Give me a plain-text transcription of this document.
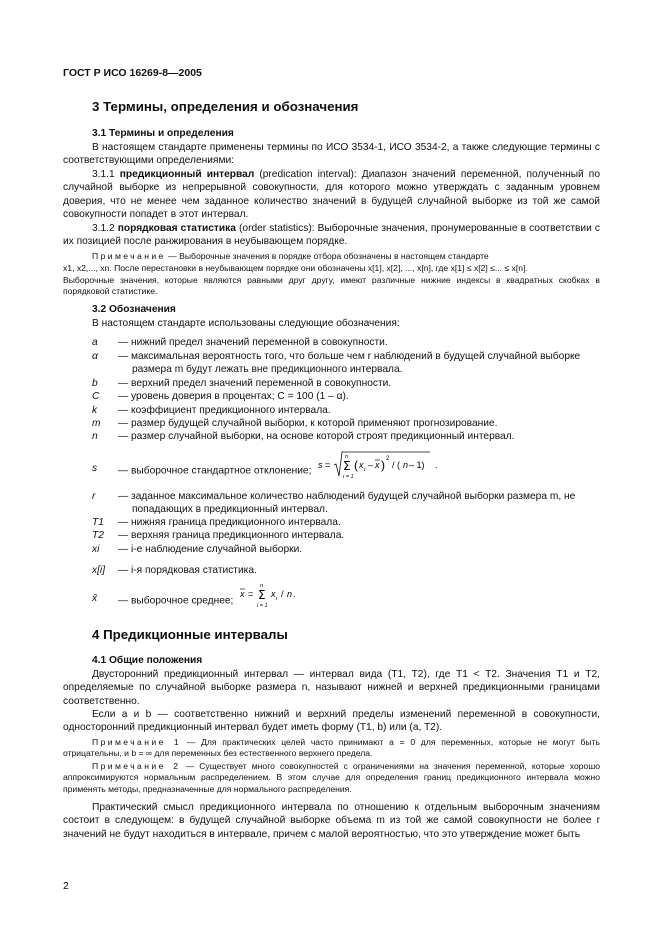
ГОСТ Р ИСО 16269-8—2005
3 Термины, определения и обозначения
3.1 Термины и определения

В настоящем стандарте применены термины по ИСО 3534-1, ИСО 3534-2, а также следующие термины с соответствующими определениями:

3.1.1 предикционный интервал (predication interval): Диапазон значений переменной, полученный по случайной выборке из непрерывной совокупности, для которого можно утверждать с заданным уровнем доверия, что не менее чем заданное количество значений в будущей случайной выборке из той же самой совокупности попадет в этот интервал.

3.1.2 порядковая статистика (order statistics): Выборочные значения, пронумерованные в соответствии с их позицией после ранжирования в неубывающем порядке.

Примечание — Выборочные значения в порядке отбора обозначены в настоящем стандарте
x1, x2,..., xn. После перестановки в неубывающем порядке они обозначены x[1], x[2], ..., x[n], где x[1] ≤ x[2] ≤... ≤ x[n].
Выборочные значения, которые являются равными друг другу, имеют различные нижние индексы в квадратных скобках в порядковой статистике.
3.2 Обозначения

В настоящем стандарте использованы следующие обозначения:

a — нижний предел значений переменной в совокупности.

α — максимальная вероятность того, что больше чем r наблюдений в будущей случайной выборке размера m будут лежать вне предикционного интервала.

b — верхний предел значений переменной в совокупности.

C — уровень доверия в процентах; C = 100 (1 – α).

k — коэффициент предикционного интервала.

m — размер будущей случайной выборки, к которой применяют прогнозирование.

n — размер случайной выборки, на основе которой строят предикционный интервал.

s — выборочное стандартное отклонение;
s =
n
Σ
i = 1
( x i – x ) 2
/ ( n – 1) .

r — заданное максимальное количество наблюдений будущей случайной выборки размера m, не попадающих в предикционный интервал.

T1 — нижняя граница предикционного интервала.

T2 — верхняя граница предикционного интервала.

xi — i-е наблюдение случайной выборки.

x[i] — i-я порядковая статистика.

x̄ — выборочное среднее;
x =
n
Σ
i = 1
x i / n .

4 Предикционные интервалы
4.1 Общие положения

Двусторонний предикционный интервал — интервал вида (T1, T2), где T1 < T2. Значения T1 и T2, определяемые по случайной выборке размера n, называют нижней и верхней предикционными границами соответственно.

Если a и b — соответственно нижний и верхний пределы изменений переменной в совокупности, односторонний предикционный интервал будет иметь форму (T1, b) или (a, T2).

Примечание 1 — Для практических целей часто принимают a = 0 для переменных, которые не могут быть отрицательны, и b = ∞ для переменных без естественного верхнего предела.
Примечание 2 — Существует много совокупностей с ограничениями на значения переменной, которые хорошо аппроксимируются нормальным распределением. В этом случае для определения границ предикционного интервала можно применять методы, предназначенные для нормального распределения.

Практический смысл предикционного интервала по отношению к отдельным выборочным значениям состоит в следующем: в будущей случайной выборке объема m из той же самой совокупности не более r значений не будут находиться в интервале, причем с малой вероятностью, что это утверждение может быть

2
